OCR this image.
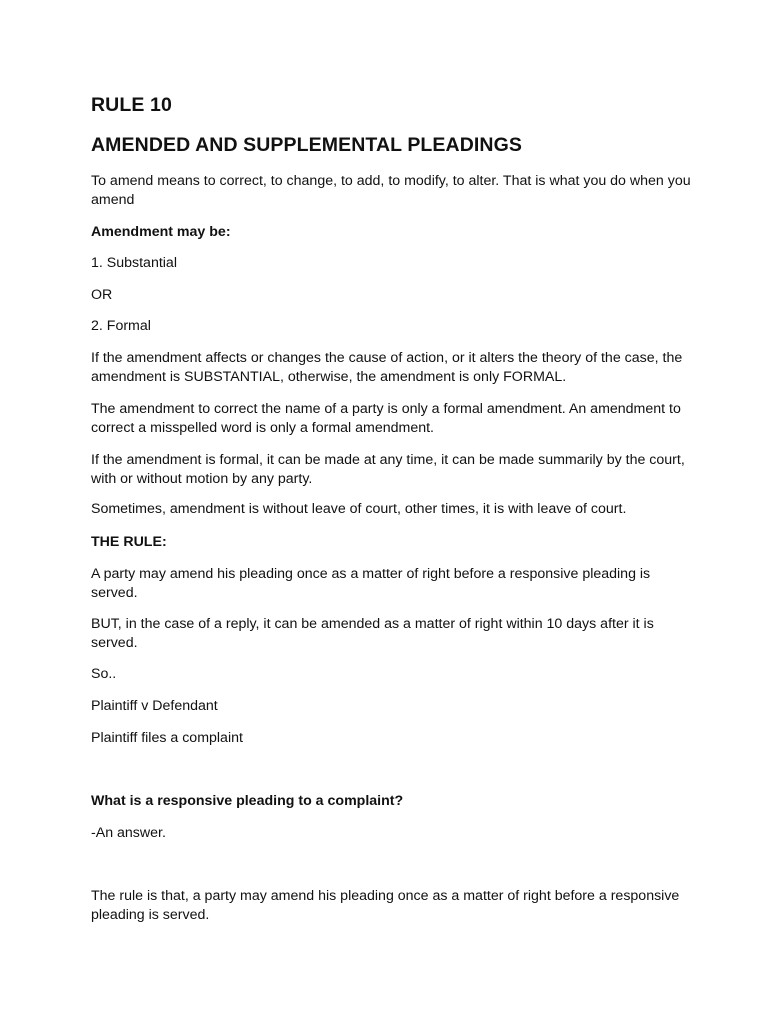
RULE 10

AMENDED AND SUPPLEMENTAL PLEADINGS

To amend means to correct, to change, to add, to modify, to alter. That is what you do when you amend

Amendment may be:

1. Substantial

OR

2. Formal

If the amendment affects or changes the cause of action, or it alters the theory of the case, the amendment is SUBSTANTIAL, otherwise, the amendment is only FORMAL.

The amendment to correct the name of a party is only a formal amendment. An amendment to correct a misspelled word is only a formal amendment.

If the amendment is formal, it can be made at any time, it can be made summarily by the court, with or without motion by any party.

Sometimes, amendment is without leave of court, other times, it is with leave of court.

THE RULE:

A party may amend his pleading once as a matter of right before a responsive pleading is served.

BUT, in the case of a reply, it can be amended as a matter of right within 10 days after it is served.

So..

Plaintiff v Defendant

Plaintiff files a complaint

What is a responsive pleading to a complaint?

-An answer.

The rule is that, a party may amend his pleading once as a matter of right before a responsive pleading is served.
